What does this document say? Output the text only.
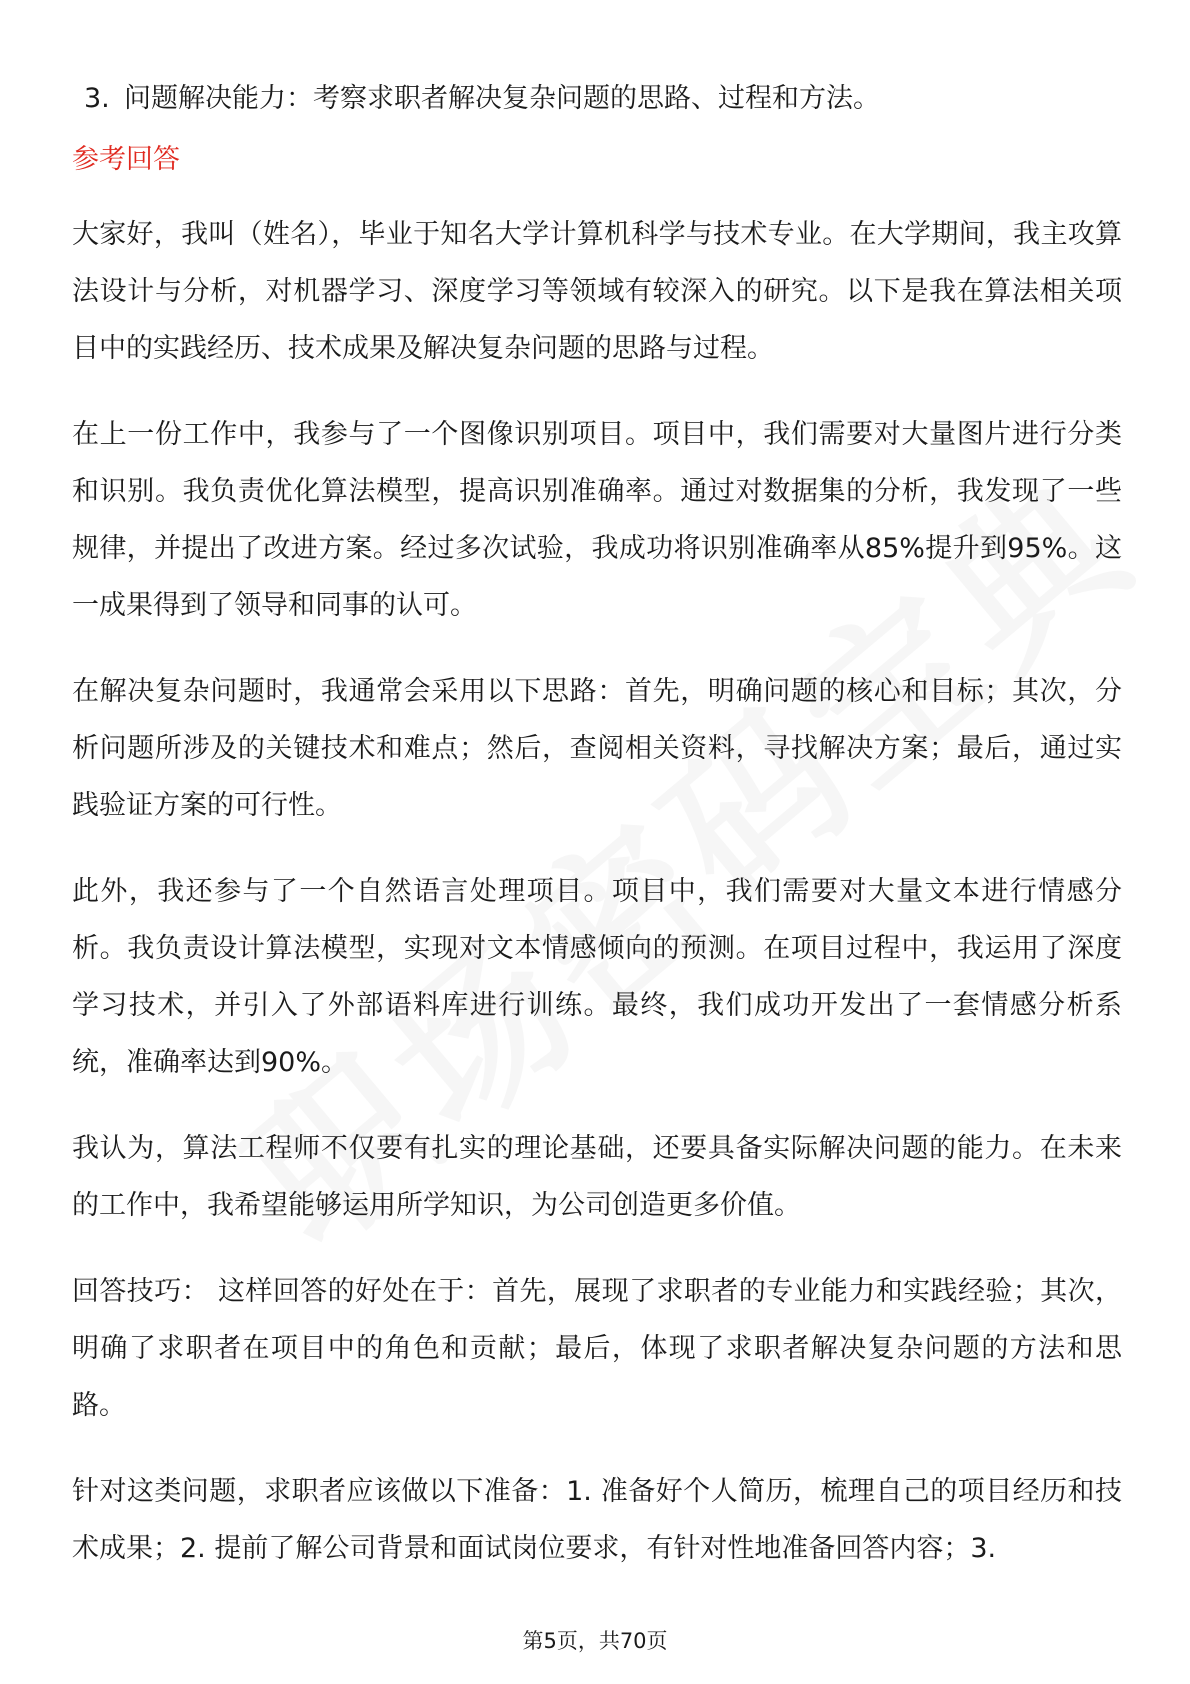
3. 问题解决能力：考察求职者解决复杂问题的思路、过程和方法。
参考回答

大家好，我叫（姓名），毕业于知名大学计算机科学与技术专业。在大学期间，我主攻算法设计与分析，对机器学习、深度学习等领域有较深入的研究。以下是我在算法相关项目中的实践经历、技术成果及解决复杂问题的思路与过程。

在上一份工作中，我参与了一个图像识别项目。项目中，我们需要对大量图片进行分类和识别。我负责优化算法模型，提高识别准确率。通过对数据集的分析，我发现了一些规律，并提出了改进方案。经过多次试验，我成功将识别准确率从85%提升到95%。这一成果得到了领导和同事的认可。

在解决复杂问题时，我通常会采用以下思路：首先，明确问题的核心和目标；其次，分析问题所涉及的关键技术和难点；然后，查阅相关资料，寻找解决方案；最后，通过实践验证方案的可行性。

此外，我还参与了一个自然语言处理项目。项目中，我们需要对大量文本进行情感分析。我负责设计算法模型，实现对文本情感倾向的预测。在项目过程中，我运用了深度学习技术，并引入了外部语料库进行训练。最终，我们成功开发出了一套情感分析系统，准确率达到90%。

我认为，算法工程师不仅要有扎实的理论基础，还要具备实际解决问题的能力。在未来的工作中，我希望能够运用所学知识，为公司创造更多价值。

回答技巧： 这样回答的好处在于：首先，展现了求职者的专业能力和实践经验；其次，明确了求职者在项目中的角色和贡献；最后，体现了求职者解决复杂问题的方法和思路。

针对这类问题，求职者应该做以下准备：1. 准备好个人简历，梳理自己的项目经历和技术成果；2. 提前了解公司背景和面试岗位要求，有针对性地准备回答内容；3.

第5页，共70页
